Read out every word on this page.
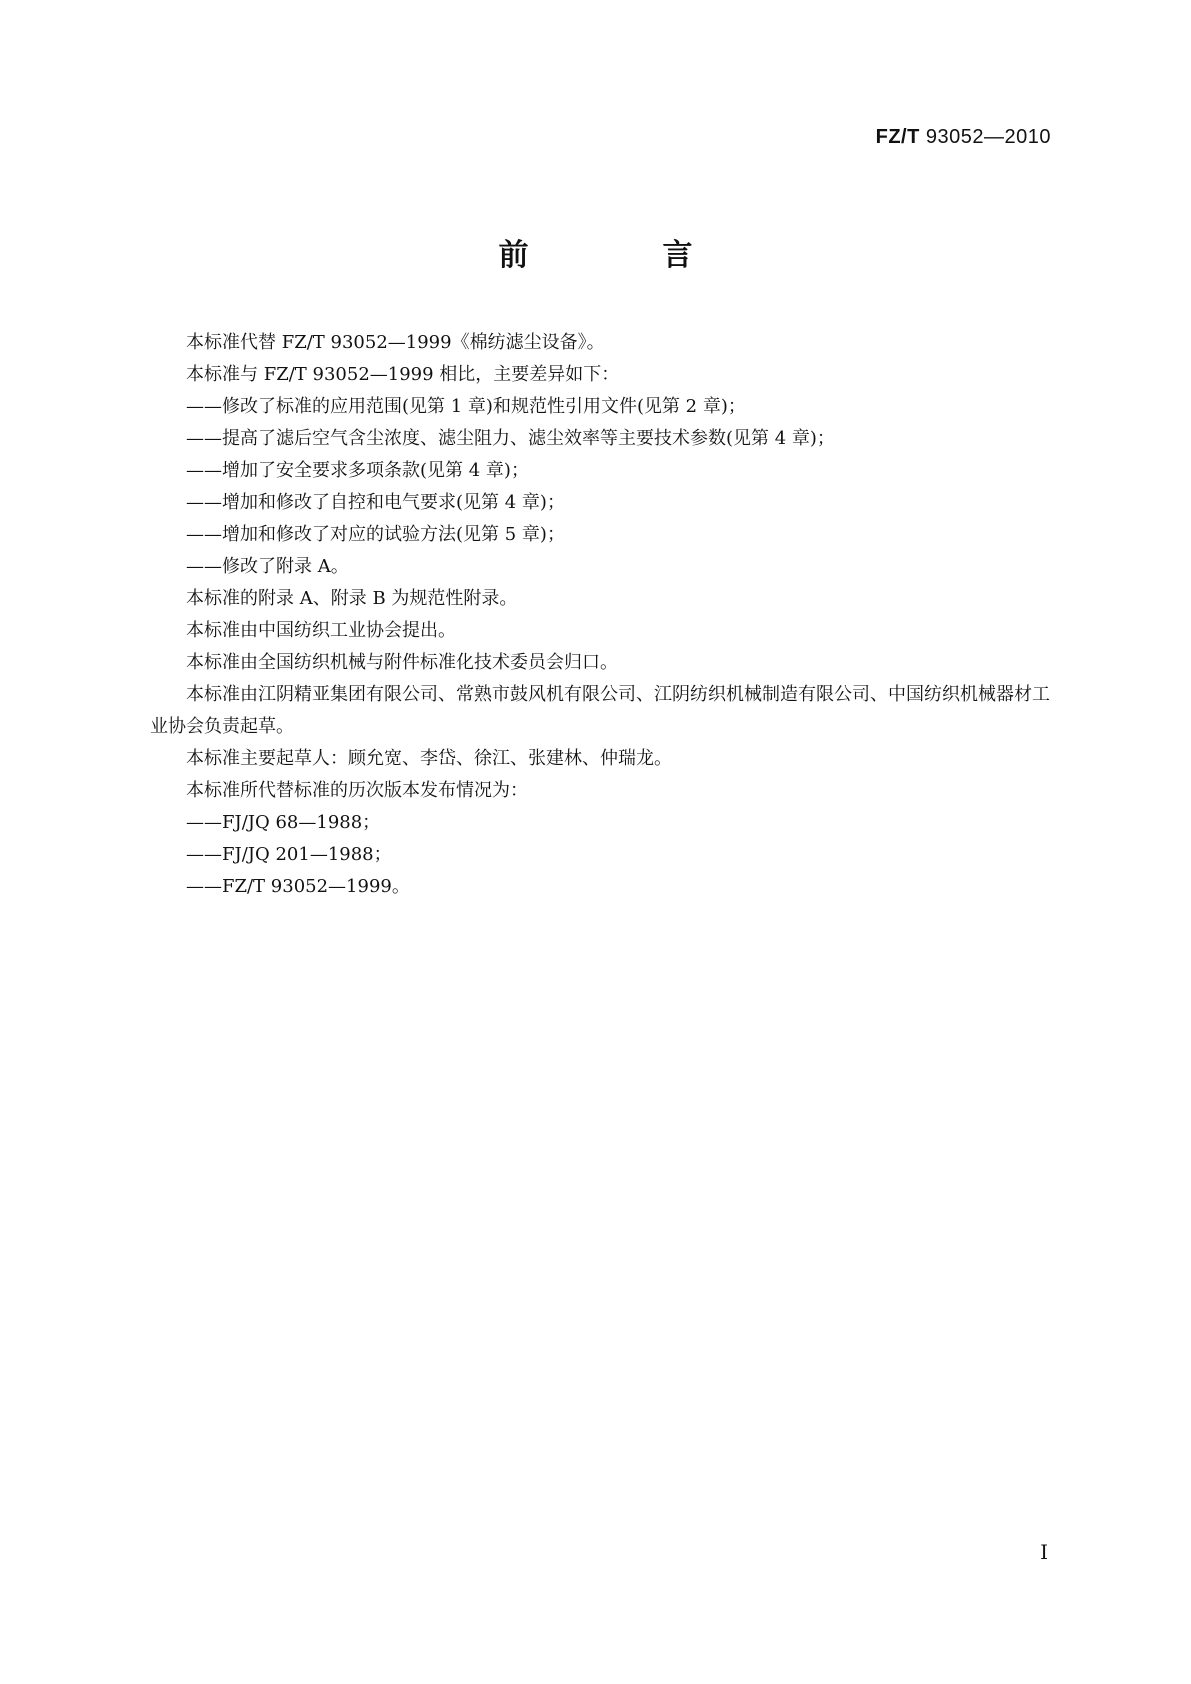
FZ/T 93052—2010
前　言

本标准代替 FZ/T 93052—1999《棉纺滤尘设备》。

本标准与 FZ/T 93052—1999 相比，主要差异如下：

——修改了标准的应用范围(见第 1 章)和规范性引用文件(见第 2 章)；

——提高了滤后空气含尘浓度、滤尘阻力、滤尘效率等主要技术参数(见第 4 章)；

——增加了安全要求多项条款(见第 4 章)；

——增加和修改了自控和电气要求(见第 4 章)；

——增加和修改了对应的试验方法(见第 5 章)；

——修改了附录 A。

本标准的附录 A、附录 B 为规范性附录。

本标准由中国纺织工业协会提出。

本标准由全国纺织机械与附件标准化技术委员会归口。

本标准由江阴精亚集团有限公司、常熟市鼓风机有限公司、江阴纺织机械制造有限公司、中国纺织机械器材工业协会负责起草。

本标准主要起草人：顾允宽、李岱、徐江、张建林、仲瑞龙。

本标准所代替标准的历次版本发布情况为：

——FJ/JQ 68—1988；

——FJ/JQ 201—1988；

——FZ/T 93052—1999。

I
